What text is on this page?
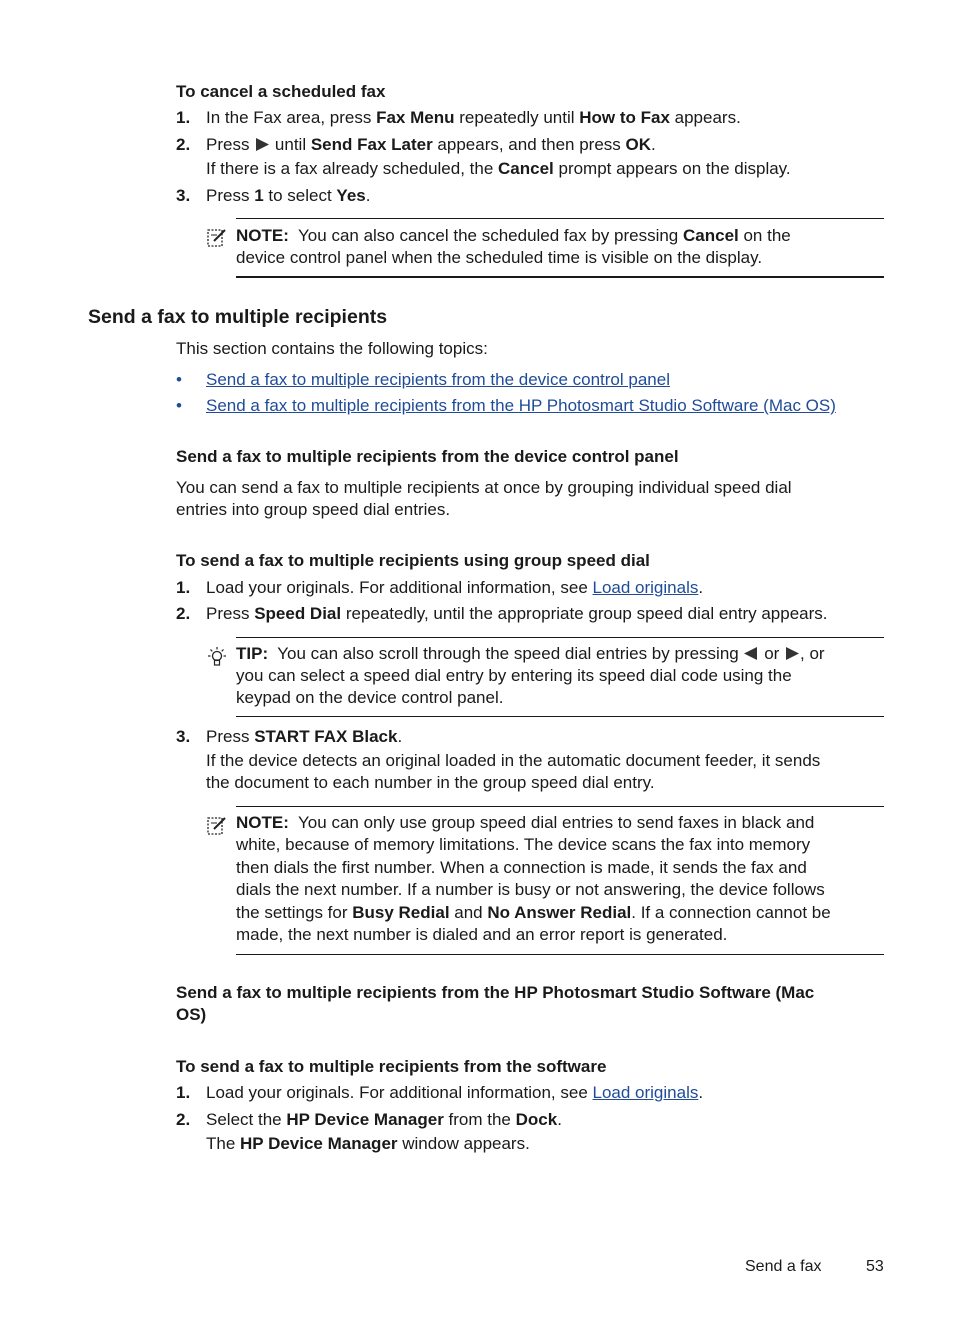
To cancel a scheduled fax
1. In the Fax area, press Fax Menu repeatedly until How to Fax appears.
2. Press  until Send Fax Later appears, and then press OK.
If there is a fax already scheduled, the Cancel prompt appears on the display.
3. Press 1 to select Yes.
NOTE:  You can also cancel the scheduled fax by pressing Cancel on the
device control panel when the scheduled time is visible on the display.
Send a fax to multiple recipients
This section contains the following topics:
• Send a fax to multiple recipients from the device control panel
• Send a fax to multiple recipients from the HP Photosmart Studio Software (Mac OS)
Send a fax to multiple recipients from the device control panel
You can send a fax to multiple recipients at once by grouping individual speed dial
entries into group speed dial entries.
To send a fax to multiple recipients using group speed dial
1. Load your originals. For additional information, see Load originals.
2. Press Speed Dial repeatedly, until the appropriate group speed dial entry appears.
TIP:  You can also scroll through the speed dial entries by pressing  or , or
you can select a speed dial entry by entering its speed dial code using the
keypad on the device control panel.
3. Press START FAX Black.
If the device detects an original loaded in the automatic document feeder, it sends
the document to each number in the group speed dial entry.
NOTE:  You can only use group speed dial entries to send faxes in black and
white, because of memory limitations. The device scans the fax into memory
then dials the first number. When a connection is made, it sends the fax and
dials the next number. If a number is busy or not answering, the device follows
the settings for Busy Redial and No Answer Redial. If a connection cannot be
made, the next number is dialed and an error report is generated.
Send a fax to multiple recipients from the HP Photosmart Studio Software (Mac
OS)
To send a fax to multiple recipients from the software
1. Load your originals. For additional information, see Load originals.
2. Select the HP Device Manager from the Dock.
The HP Device Manager window appears.
Send a fax	53
